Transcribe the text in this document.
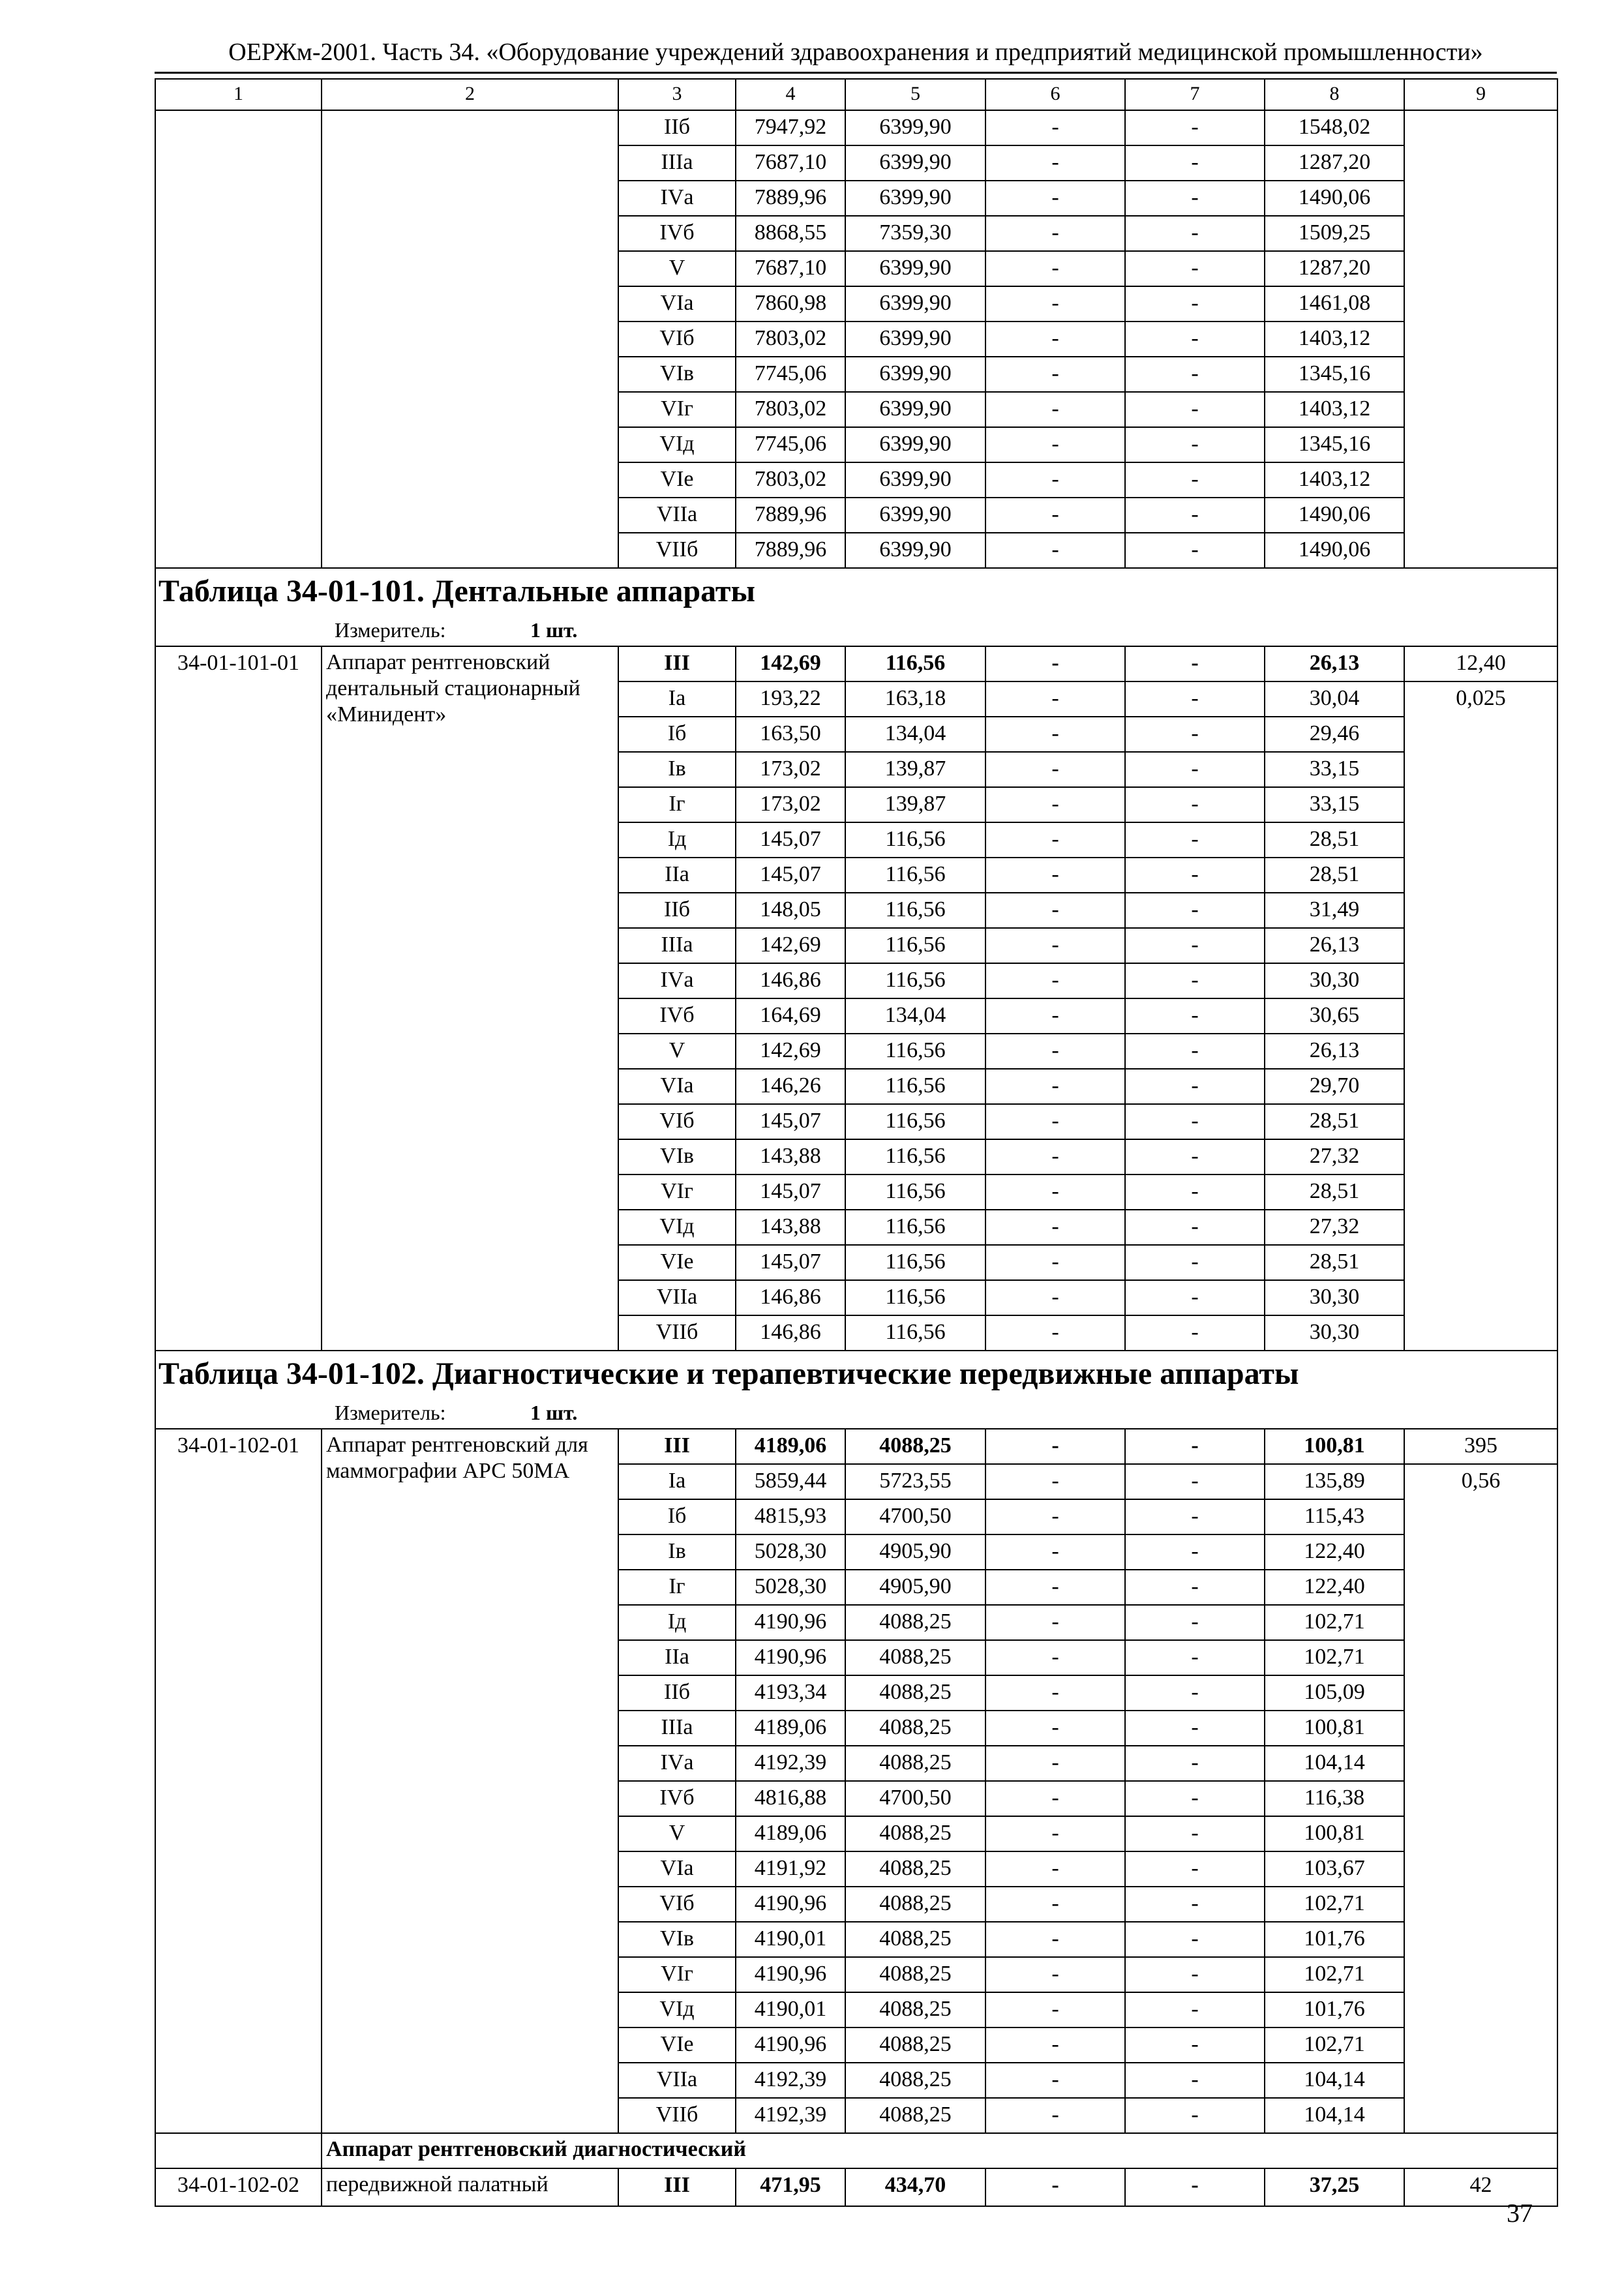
ОЕРЖм-2001. Часть 34. «Оборудование учреждений здравоохранения и предприятий медицинской промышленности»
1	2	3	4	5	6	7	8	9
		IIб	7947,92	6399,90	-	-	1548,02	
		IIIа	7687,10	6399,90	-	-	1287,20	
		IVа	7889,96	6399,90	-	-	1490,06	
		IVб	8868,55	7359,30	-	-	1509,25	
		V	7687,10	6399,90	-	-	1287,20	
		VIа	7860,98	6399,90	-	-	1461,08	
		VIб	7803,02	6399,90	-	-	1403,12	
		VIв	7745,06	6399,90	-	-	1345,16	
		VIг	7803,02	6399,90	-	-	1403,12	
		VIд	7745,06	6399,90	-	-	1345,16	
		VIе	7803,02	6399,90	-	-	1403,12	
		VIIа	7889,96	6399,90	-	-	1490,06	
		VIIб	7889,96	6399,90	-	-	1490,06	
Таблица 34-01-101. Дентальные аппараты								
Измеритель: 1 шт.								
34-01-101-01	Аппарат рентгеновский дентальный стационарный «Минидент»	III	142,69	116,56	-	-	26,13	12,40
		Iа	193,22	163,18	-	-	30,04	0,025
		Iб	163,50	134,04	-	-	29,46	
		Iв	173,02	139,87	-	-	33,15	
		Iг	173,02	139,87	-	-	33,15	
		Iд	145,07	116,56	-	-	28,51	
		IIа	145,07	116,56	-	-	28,51	
		IIб	148,05	116,56	-	-	31,49	
		IIIа	142,69	116,56	-	-	26,13	
		IVа	146,86	116,56	-	-	30,30	
		IVб	164,69	134,04	-	-	30,65	
		V	142,69	116,56	-	-	26,13	
		VIа	146,26	116,56	-	-	29,70	
		VIб	145,07	116,56	-	-	28,51	
		VIв	143,88	116,56	-	-	27,32	
		VIг	145,07	116,56	-	-	28,51	
		VIд	143,88	116,56	-	-	27,32	
		VIе	145,07	116,56	-	-	28,51	
		VIIа	146,86	116,56	-	-	30,30	
		VIIб	146,86	116,56	-	-	30,30	
Таблица 34-01-102. Диагностические и терапевтические передвижные аппараты								
Измеритель: 1 шт.								
34-01-102-01	Аппарат рентгеновский для маммографии АРС 50МА	III	4189,06	4088,25	-	-	100,81	395
		Iа	5859,44	5723,55	-	-	135,89	0,56
		Iб	4815,93	4700,50	-	-	115,43	
		Iв	5028,30	4905,90	-	-	122,40	
		Iг	5028,30	4905,90	-	-	122,40	
		Iд	4190,96	4088,25	-	-	102,71	
		IIа	4190,96	4088,25	-	-	102,71	
		IIб	4193,34	4088,25	-	-	105,09	
		IIIа	4189,06	4088,25	-	-	100,81	
		IVа	4192,39	4088,25	-	-	104,14	
		IVб	4816,88	4700,50	-	-	116,38	
		V	4189,06	4088,25	-	-	100,81	
		VIа	4191,92	4088,25	-	-	103,67	
		VIб	4190,96	4088,25	-	-	102,71	
		VIв	4190,01	4088,25	-	-	101,76	
		VIг	4190,96	4088,25	-	-	102,71	
		VIд	4190,01	4088,25	-	-	101,76	
		VIе	4190,96	4088,25	-	-	102,71	
		VIIа	4192,39	4088,25	-	-	104,14	
		VIIб	4192,39	4088,25	-	-	104,14	
	Аппарат рентгеновский диагностический							
34-01-102-02	передвижной палатный	III	471,95	434,70	-	-	37,25	42
37
